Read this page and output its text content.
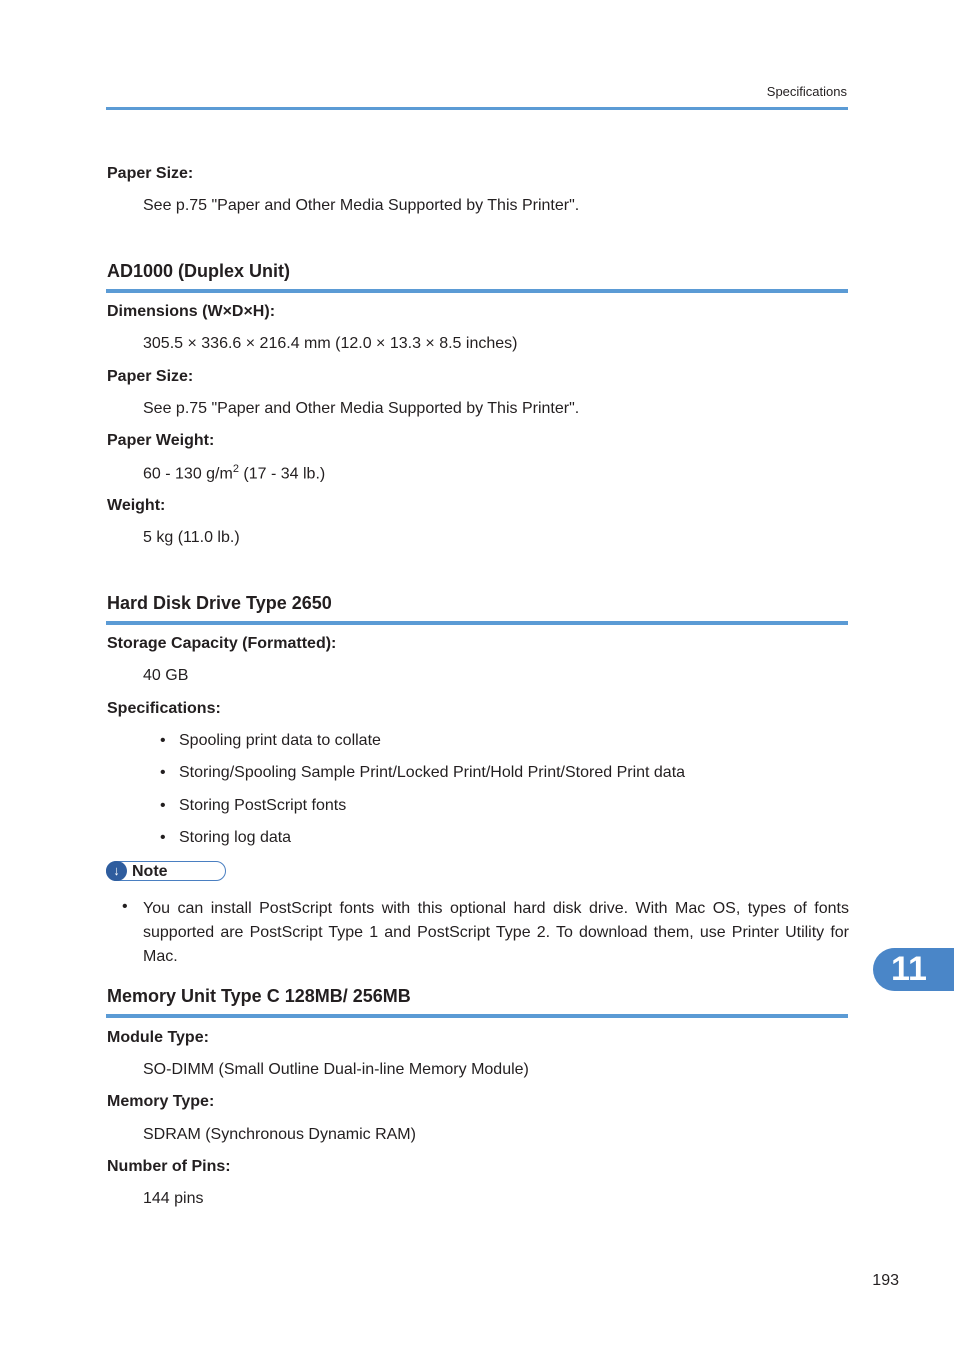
Specifications
Paper Size:
See p.75 "Paper and Other Media Supported by This Printer".
AD1000 (Duplex Unit)
Dimensions (W×D×H):
305.5 × 336.6 × 216.4 mm (12.0 × 13.3 × 8.5 inches)
Paper Size:
See p.75 "Paper and Other Media Supported by This Printer".
Paper Weight:
60 - 130 $g/m^2$ (17 - 34 lb.)
Weight:
5 kg (11.0 lb.)
Hard Disk Drive Type 2650
Storage Capacity (Formatted):
40 GB
Specifications:
• Spooling print data to collate
• Storing/Spooling Sample Print/Locked Print/Hold Print/Stored Print data
• Storing PostScript fonts
• Storing log data
↓ Note
• You can install PostScript fonts with this optional hard disk drive. With Mac OS, types of fonts supported are PostScript Type 1 and PostScript Type 2. To download them, use Printer Utility for Mac.
Memory Unit Type C 128MB/ 256MB
Module Type:
SO-DIMM (Small Outline Dual-in-line Memory Module)
Memory Type:
SDRAM (Synchronous Dynamic RAM)
Number of Pins:
144 pins
11
193
